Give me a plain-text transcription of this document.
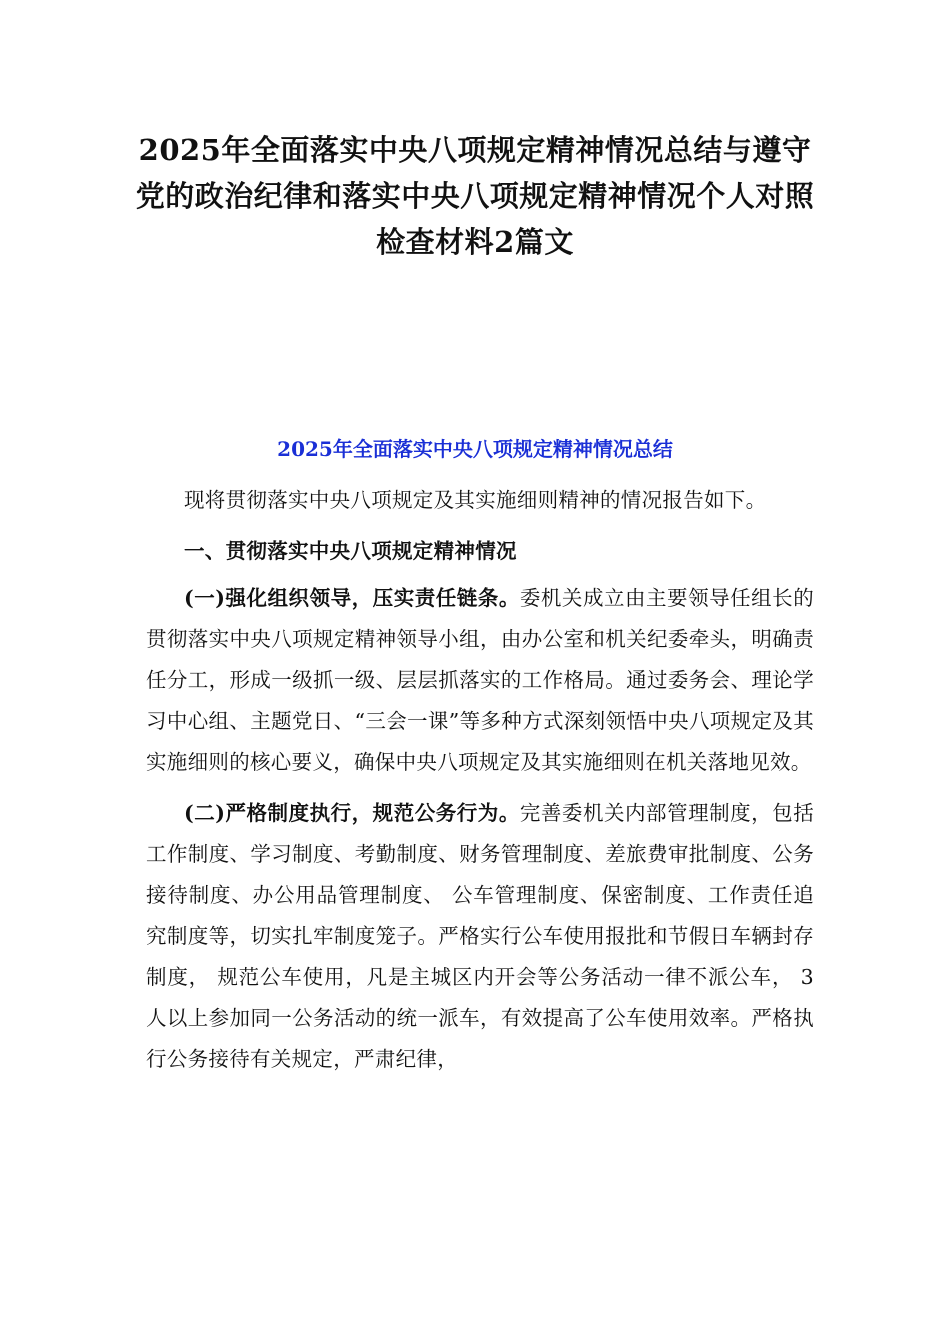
2025年全面落实中央八项规定精神情况总结与遵守
党的政治纪律和落实中央八项规定精神情况个人对照
检查材料2篇文
2025年全面落实中央八项规定精神情况总结

现将贯彻落实中央八项规定及其实施细则精神的情况报告如下。

一、贯彻落实中央八项规定精神情况

(一)强化组织领导，压实责任链条。委机关成立由主要领导任组长的贯彻落实中央八项规定精神领导小组，由办公室和机关纪委牵头，明确责任分工，形成一级抓一级、层层抓落实的工作格局。通过委务会、理论学习中心组、主题党日、“三会一课”等多种方式深刻领悟中央八项规定及其实施细则的核心要义，确保中央八项规定及其实施细则在机关落地见效。

(二)严格制度执行，规范公务行为。完善委机关内部管理制度，包括工作制度、学习制度、考勤制度、财务管理制度、差旅费审批制度、公务接待制度、办公用品管理制度、 公车管理制度、保密制度、工作责任追究制度等，切实扎牢制度笼子。严格实行公车使用报批和节假日车辆封存制度， 规范公车使用，凡是主城区内开会等公务活动一律不派公车， 3人以上参加同一公务活动的统一派车，有效提高了公车使用效率。严格执行公务接待有关规定，严肃纪律，
